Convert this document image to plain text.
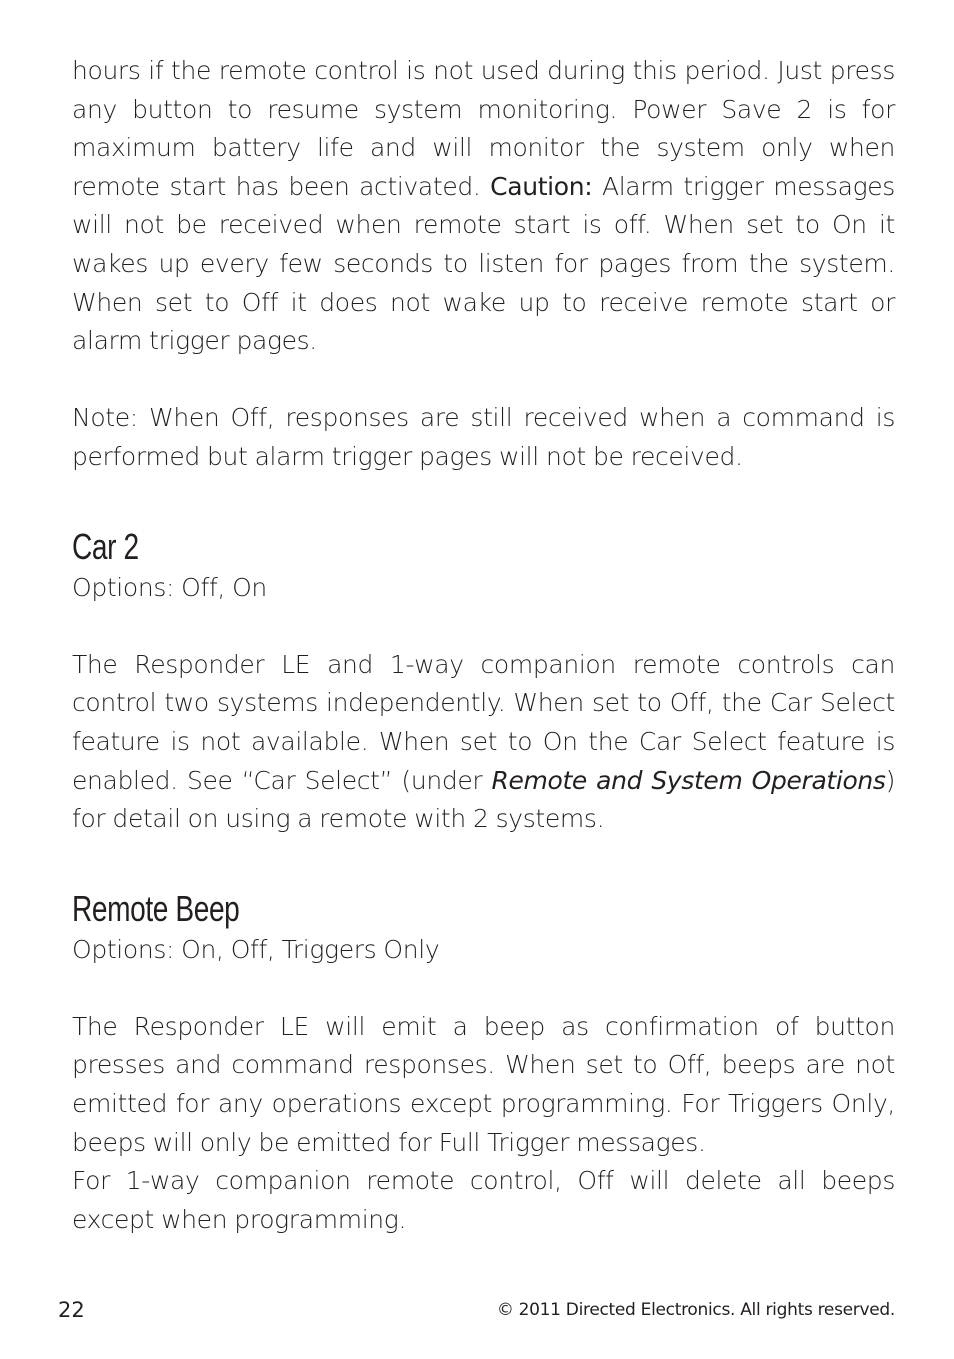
hours if the remote control is not used during this period. Just press any button to resume system monitoring. Power Save 2 is for maximum battery life and will monitor the system only when remote start has been activated. Caution: Alarm trigger messages will not be received when remote start is off. When set to On it wakes up every few seconds to listen for pages from the system. When set to Off it does not wake up to receive remote start or alarm trigger pages.

Note: When Off, responses are still received when a command is performed but alarm trigger pages will not be received.

Car 2

Options: Off, On

The Responder LE and 1-way companion remote controls can control two systems independently. When set to Off, the Car Select feature is not available. When set to On the Car Select feature is enabled. See “Car Select” (under Remote and System Operations) for detail on using a remote with 2 systems.

Remote Beep

Options: On, Off, Triggers Only

The Responder LE will emit a beep as confirmation of button presses and command responses. When set to Off, beeps are not emitted for any operations except programming. For Triggers Only, beeps will only be emitted for Full Trigger messages.

For 1-way companion remote control, Off will delete all beeps except when programming.

22	© 2011 Directed Electronics. All rights reserved.
